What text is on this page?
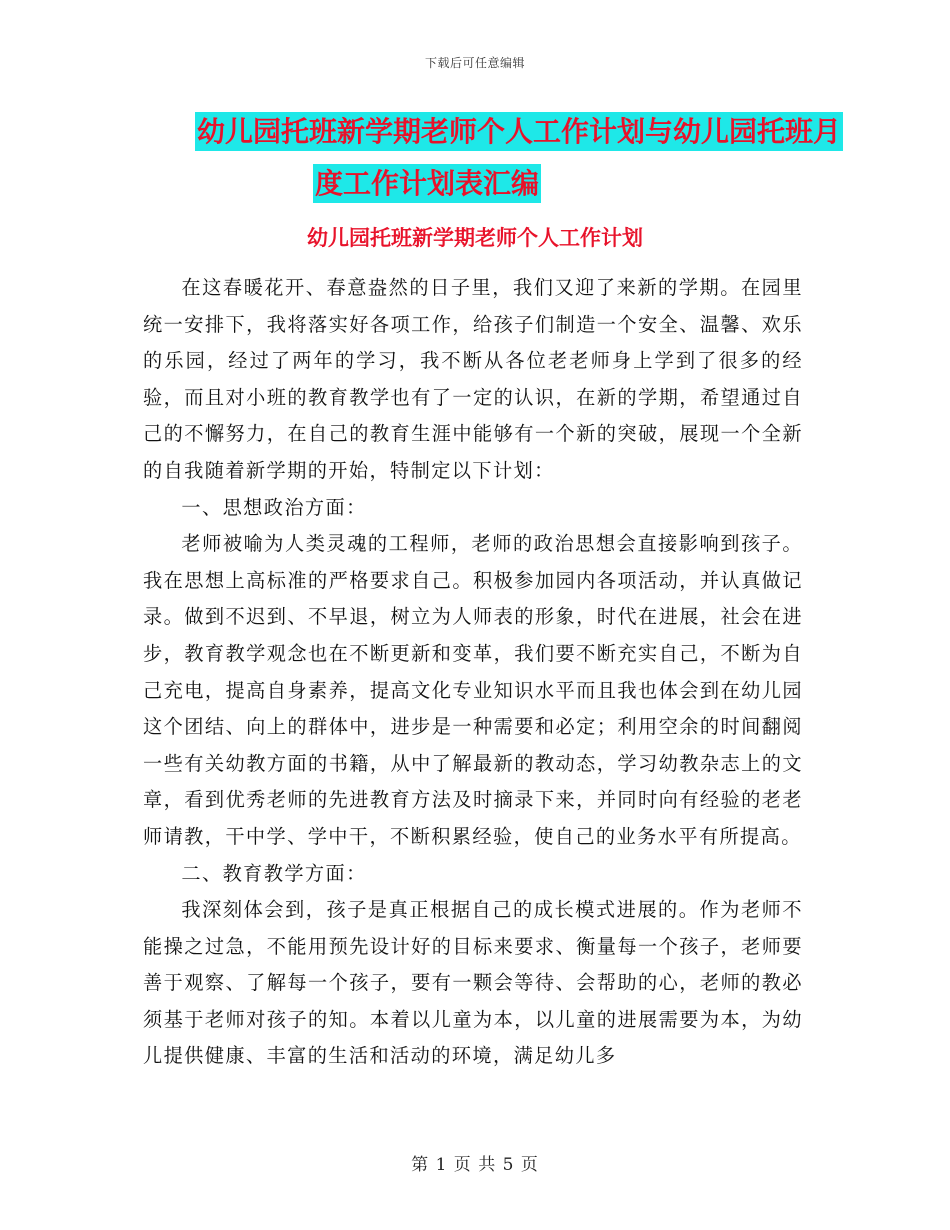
下载后可任意编辑
幼儿园托班新学期老师个人工作计划与幼儿园托班月
度工作计划表汇编
幼儿园托班新学期老师个人工作计划

在这春暖花开、春意盎然的日子里，我们又迎了来新的学期。在园里统一安排下，我将落实好各项工作，给孩子们制造一个安全、温馨、欢乐的乐园，经过了两年的学习，我不断从各位老老师身上学到了很多的经验，而且对小班的教育教学也有了一定的认识，在新的学期，希望通过自己的不懈努力，在自己的教育生涯中能够有一个新的突破，展现一个全新的自我随着新学期的开始，特制定以下计划：

一、思想政治方面：

老师被喻为人类灵魂的工程师，老师的政治思想会直接影响到孩子。我在思想上高标准的严格要求自己。积极参加园内各项活动，并认真做记录。做到不迟到、不早退，树立为人师表的形象，时代在进展，社会在进步，教育教学观念也在不断更新和变革，我们要不断充实自己，不断为自己充电，提高自身素养，提高文化专业知识水平而且我也体会到在幼儿园这个团结、向上的群体中，进步是一种需要和必定；利用空余的时间翻阅一些有关幼教方面的书籍，从中了解最新的教动态，学习幼教杂志上的文章，看到优秀老师的先进教育方法及时摘录下来，并同时向有经验的老老师请教，干中学、学中干，不断积累经验，使自己的业务水平有所提高。

二、教育教学方面：

我深刻体会到，孩子是真正根据自己的成长模式进展的。作为老师不能操之过急，不能用预先设计好的目标来要求、衡量每一个孩子，老师要善于观察、了解每一个孩子，要有一颗会等待、会帮助的心，老师的教必须基于老师对孩子的知。本着以儿童为本，以儿童的进展需要为本，为幼儿提供健康、丰富的生活和活动的环境，满足幼儿多

第 1 页 共 5 页
